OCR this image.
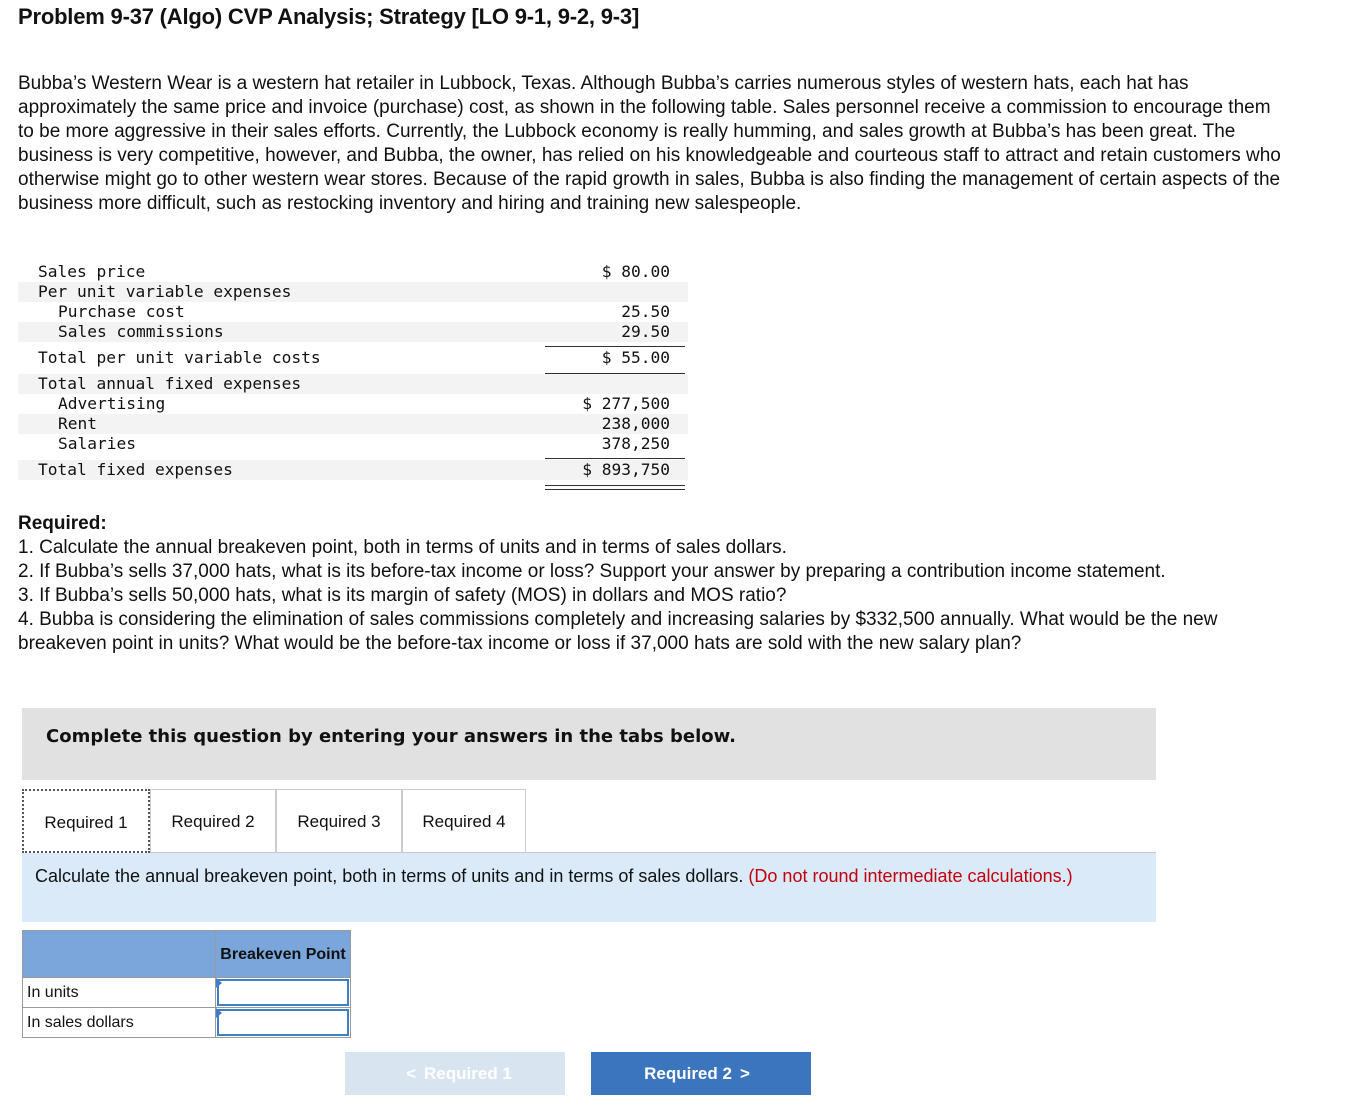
Problem 9-37 (Algo) CVP Analysis; Strategy [LO 9-1, 9-2, 9-3]
Bubba’s Western Wear is a western hat retailer in Lubbock, Texas. Although Bubba’s carries numerous styles of western hats, each hat has approximately the same price and invoice (purchase) cost, as shown in the following table. Sales personnel receive a commission to encourage them to be more aggressive in their sales efforts. Currently, the Lubbock economy is really humming, and sales growth at Bubba’s has been great. The business is very competitive, however, and Bubba, the owner, has relied on his knowledgeable and courteous staff to attract and retain customers who otherwise might go to other western wear stores. Because of the rapid growth in sales, Bubba is also finding the management of certain aspects of the business more difficult, such as restocking inventory and hiring and training new salespeople.
Sales price	$ 80.00
Per unit variable expenses
Purchase cost	25.50
Sales commissions	29.50
Total per unit variable costs	$ 55.00
Total annual fixed expenses
Advertising	$ 277,500
Rent	238,000
Salaries	378,250
Total fixed expenses	$ 893,750
Required:
1. Calculate the annual breakeven point, both in terms of units and in terms of sales dollars.
2. If Bubba’s sells 37,000 hats, what is its before-tax income or loss? Support your answer by preparing a contribution income statement.
3. If Bubba’s sells 50,000 hats, what is its margin of safety (MOS) in dollars and MOS ratio?
4. Bubba is considering the elimination of sales commissions completely and increasing salaries by $332,500 annually. What would be the new breakeven point in units? What would be the before-tax income or loss if 37,000 hats are sold with the new salary plan?
Complete this question by entering your answers in the tabs below.
Required 1	Required 2	Required 3	Required 4
Calculate the annual breakeven point, both in terms of units and in terms of sales dollars. (Do not round intermediate calculations.)
	Breakeven Point
In units	

In sales dollars	
< Required 1	Required 2 >
